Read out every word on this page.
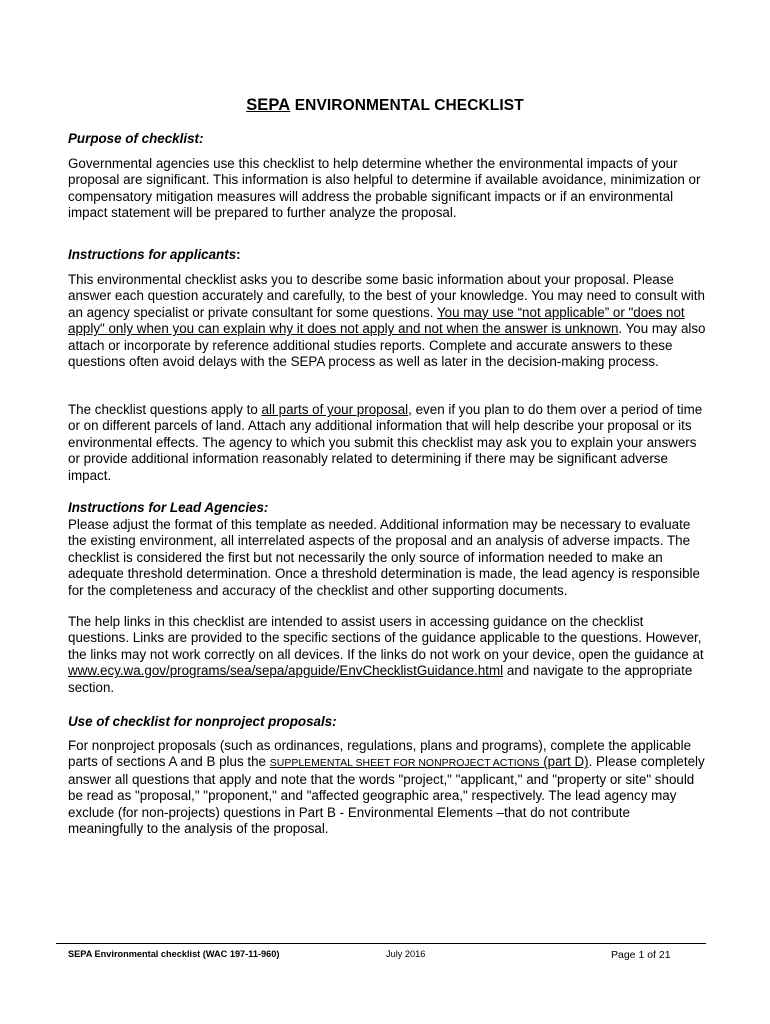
SEPA ENVIRONMENTAL CHECKLIST
Purpose of checklist:

Governmental agencies use this checklist to help determine whether the environmental impacts of your proposal are significant. This information is also helpful to determine if available avoidance, minimization or compensatory mitigation measures will address the probable significant impacts or if an environmental impact statement will be prepared to further analyze the proposal.

Instructions for applicants:

This environmental checklist asks you to describe some basic information about your proposal. Please answer each question accurately and carefully, to the best of your knowledge. You may need to consult with an agency specialist or private consultant for some questions. You may use “not applicable” or "does not apply" only when you can explain why it does not apply and not when the answer is unknown. You may also attach or incorporate by reference additional studies reports. Complete and accurate answers to these questions often avoid delays with the SEPA process as well as later in the decision-making process.

The checklist questions apply to all parts of your proposal, even if you plan to do them over a period of time or on different parcels of land. Attach any additional information that will help describe your proposal or its environmental effects. The agency to which you submit this checklist may ask you to explain your answers or provide additional information reasonably related to determining if there may be significant adverse impact.

Instructions for Lead Agencies:

Please adjust the format of this template as needed. Additional information may be necessary to evaluate the existing environment, all interrelated aspects of the proposal and an analysis of adverse impacts. The checklist is considered the first but not necessarily the only source of information needed to make an adequate threshold determination. Once a threshold determination is made, the lead agency is responsible for the completeness and accuracy of the checklist and other supporting documents.

The help links in this checklist are intended to assist users in accessing guidance on the checklist questions. Links are provided to the specific sections of the guidance applicable to the questions. However, the links may not work correctly on all devices. If the links do not work on your device, open the guidance at www.ecy.wa.gov/programs/sea/sepa/apguide/EnvChecklistGuidance.html and navigate to the appropriate section.

Use of checklist for nonproject proposals:

For nonproject proposals (such as ordinances, regulations, plans and programs), complete the applicable parts of sections A and B plus the SUPPLEMENTAL SHEET FOR NONPROJECT ACTIONS (part D). Please completely answer all questions that apply and note that the words "project," "applicant," and "property or site" should be read as "proposal," "proponent," and "affected geographic area," respectively. The lead agency may exclude (for non-projects) questions in Part B - Environmental Elements –that do not contribute meaningfully to the analysis of the proposal.

SEPA Environmental checklist (WAC 197-11-960)	July 2016	Page 1 of 21
